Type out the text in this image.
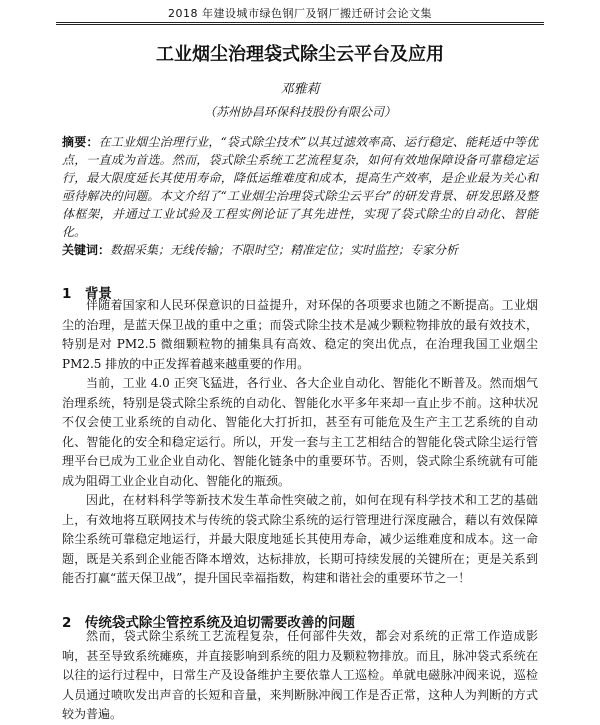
2018 年建设城市绿色钢厂及钢厂搬迁研讨会论文集
工业烟尘治理袋式除尘云平台及应用
邓雅莉
（苏州协昌环保科技股份有限公司）

摘要：在工业烟尘治理行业，“袋式除尘技术”以其过滤效率高、运行稳定、能耗适中等优点，一直成为首选。然而，袋式除尘系统工艺流程复杂，如何有效地保障设备可靠稳定运行，最大限度延长其使用寿命，降低运维难度和成本，提高生产效率，是企业最为关心和亟待解决的问题。本文介绍了“工业烟尘治理袋式除尘云平台”的研发背景、研发思路及整体框架，并通过工业试验及工程实例论证了其先进性，实现了袋式除尘的自动化、智能化。

关键词：数据采集；无线传输；不限时空；精准定位；实时监控；专家分析

1　背景

伴随着国家和人民环保意识的日益提升，对环保的各项要求也随之不断提高。工业烟尘的治理，是蓝天保卫战的重中之重；而袋式除尘技术是减少颗粒物排放的最有效技术，特别是对 PM2.5 微细颗粒物的捕集具有高效、稳定的突出优点，在治理我国工业烟尘 PM2.5 排放的中正发挥着越来越重要的作用。

当前，工业 4.0 正突飞猛进，各行业、各大企业自动化、智能化不断普及。然而烟气治理系统，特别是袋式除尘系统的自动化、智能化水平多年来却一直止步不前。这种状况不仅会使工业系统的自动化、智能化大打折扣，甚至有可能危及生产主工艺系统的自动化、智能化的安全和稳定运行。所以，开发一套与主工艺相结合的智能化袋式除尘运行管理平台已成为工业企业自动化、智能化链条中的重要环节。否则，袋式除尘系统就有可能成为阻碍工业企业自动化、智能化的瓶颈。

因此，在材料科学等新技术发生革命性突破之前，如何在现有科学技术和工艺的基础上，有效地将互联网技术与传统的袋式除尘系统的运行管理进行深度融合，藉以有效保障除尘系统可靠稳定地运行，并最大限度地延长其使用寿命，减少运维难度和成本。这一命题，既是关系到企业能否降本增效，达标排放，长期可持续发展的关键所在；更是关系到能否打赢“蓝天保卫战”，提升国民幸福指数，构建和谐社会的重要环节之一！

2　传统袋式除尘管控系统及迫切需要改善的问题

然而，袋式除尘系统工艺流程复杂，任何部件失效，都会对系统的正常工作造成影响，甚至导致系统瘫痪，并直接影响到系统的阻力及颗粒物排放。而且，脉冲袋式系统在以往的运行过程中，日常生产及设备维护主要依靠人工巡检。单就电磁脉冲阀来说，巡检人员通过喷吹发出声音的长短和音量，来判断脉冲阀工作是否正常，这种人为判断的方式较为普遍。
